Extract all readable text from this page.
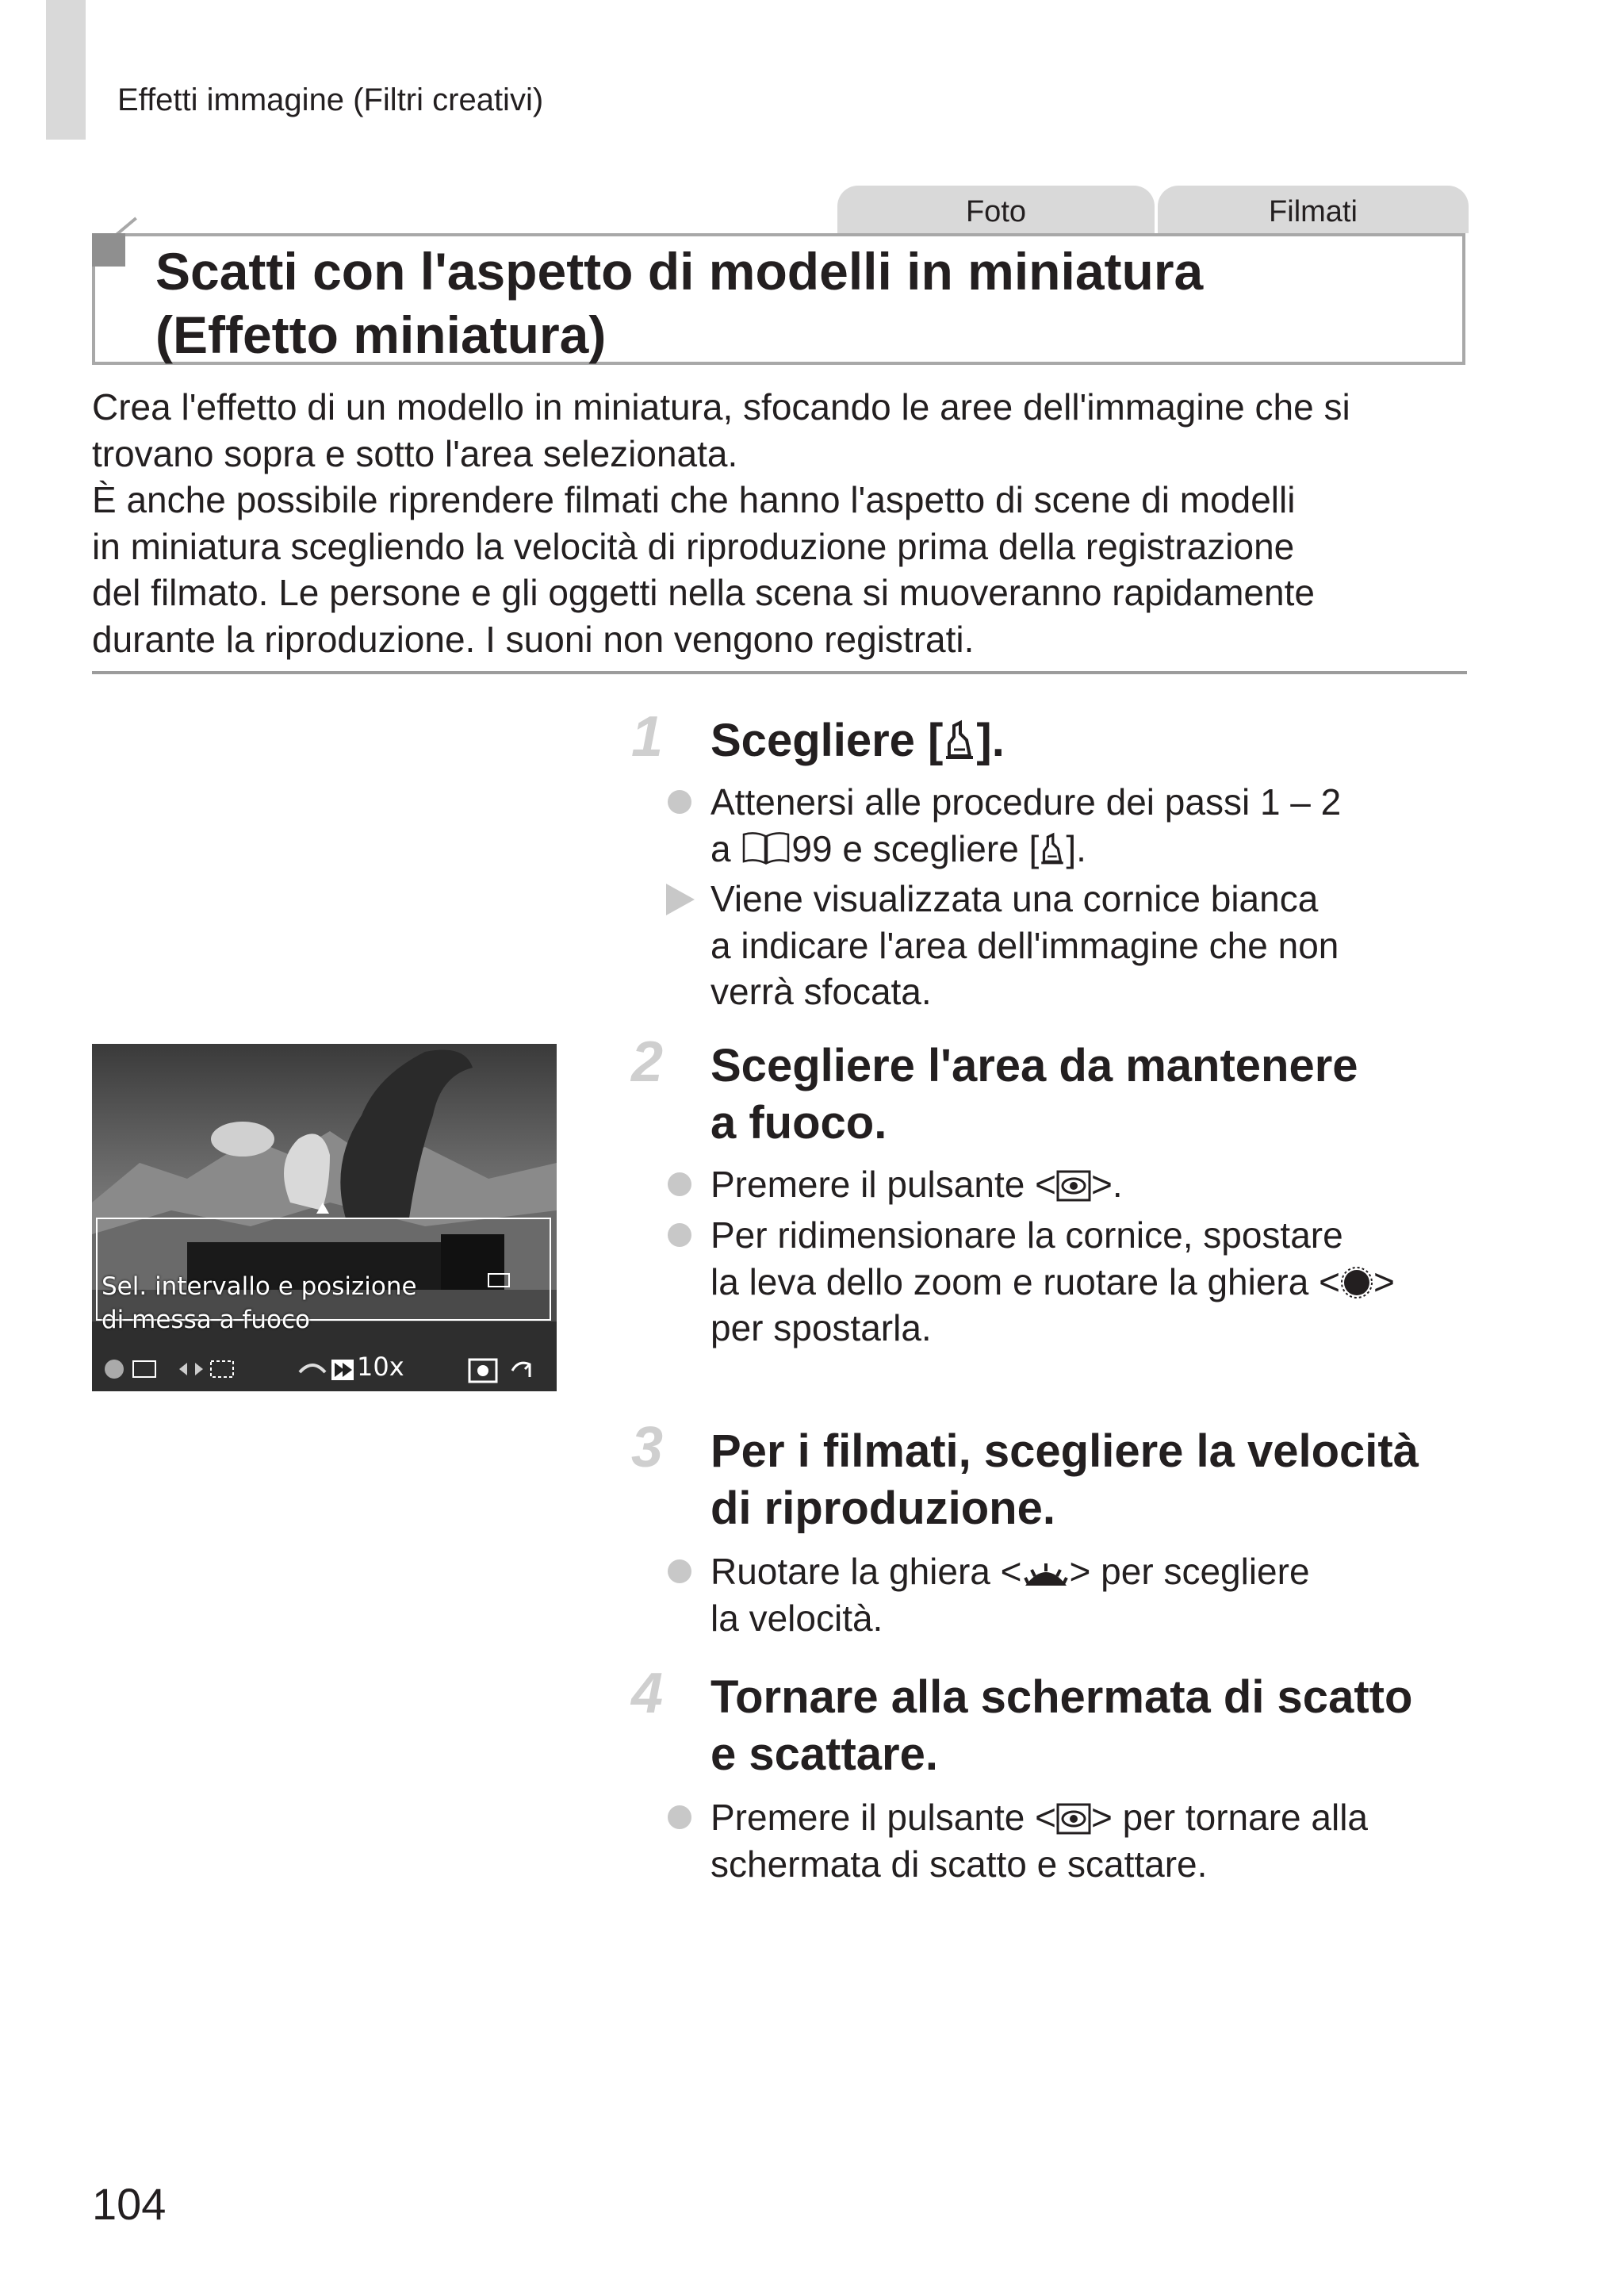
Effetti immagine (Filtri creativi)
Foto	Filmati
Scatti con l'aspetto di modelli in miniatura
(Effetto miniatura)

Crea l'effetto di un modello in miniatura, sfocando le aree dell'immagine che si

trovano sopra e sotto l'area selezionata.

È anche possibile riprendere filmati che hanno l'aspetto di scene di modelli

in miniatura scegliendo la velocità di riproduzione prima della registrazione

del filmato. Le persone e gli oggetti nella scena si muoveranno rapidamente

durante la riproduzione. I suoni non vengono registrati.

1 Scegliere [ ].
Attenersi alle procedure dei passi 1 – 2
a 99 e scegliere [ ].
Viene visualizzata una cornice bianca
a indicare l'area dell'immagine che non
verrà sfocata.
2 Scegliere l'area da mantenere
a fuoco.
Premere il pulsante < >.
Per ridimensionare la cornice, spostare
la leva dello zoom e ruotare la ghiera < >
per spostarla.
Sel. intervallo e posizione
di messa a fuoco
10x
3 Per i filmati, scegliere la velocità
di riproduzione.
Ruotare la ghiera < > per scegliere
la velocità.
4 Tornare alla schermata di scatto
e scattare.
Premere il pulsante < > per tornare alla
schermata di scatto e scattare.
104
